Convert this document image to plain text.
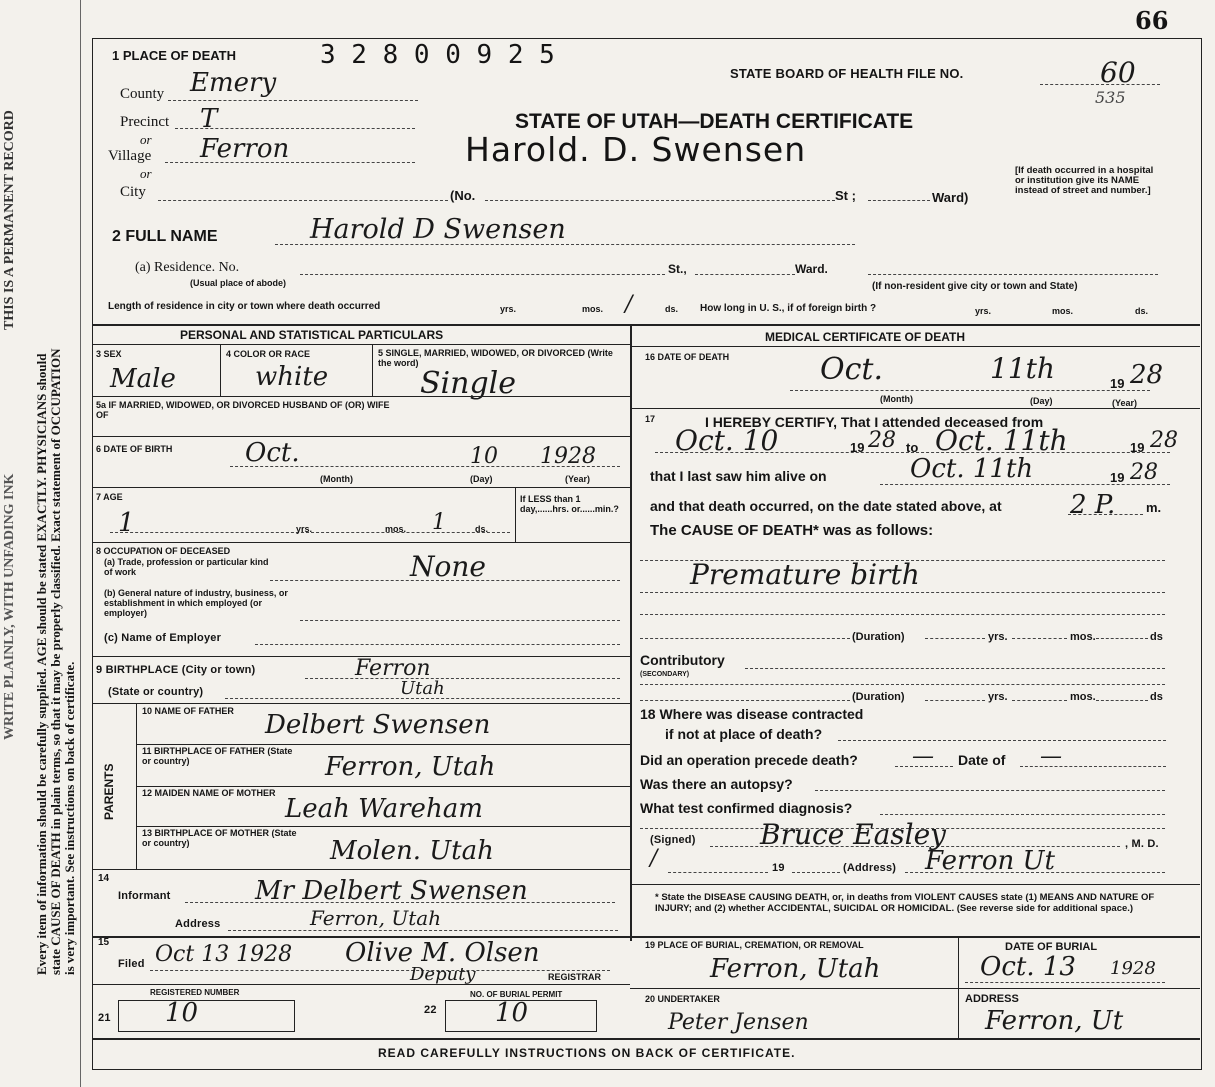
Every item of information should be carefully supplied. AGE should be stated EXACTLY. PHYSICIANS should state CAUSE OF DEATH in plain terms, so that it may be properly classified. Exact statement of OCCUPATION is very important. See instructions on back of certificate.
THIS IS A PERMANENT RECORD
WRITE PLAINLY, WITH UNFADING INK
66
1 PLACE OF DEATH	3 2 8 0 0 9 2 5
STATE BOARD OF HEALTH FILE NO.	60
535
County Emery
Precinct T
or
Village Ferron
or
STATE OF UTAH—DEATH CERTIFICATE
Harold. D. Swensen
[If death occurred in a hospital or institution give its NAME instead of street and number.]
City	(No.	St ;	Ward)
2 FULL NAME	Harold D Swensen
(a) Residence. No.
(Usual place of abode)
St.,	Ward.
(If non-resident give city or town and State)
Length of residence in city or town where death occurred	yrs.	mos. /	ds. How long in U. S., if of foreign birth ?	yrs.	mos.	ds.
PERSONAL AND STATISTICAL PARTICULARS
3 SEX
Male
4 COLOR OR RACE
white
5 SINGLE, MARRIED, WIDOWED, OR DIVORCED (Write the word)
Single
5a IF MARRIED, WIDOWED, OR DIVORCED HUSBAND OF (OR) WIFE OF
6 DATE OF BIRTH	Oct.	10 1928
(Month)	(Day)	(Year)
7 AGE
1	yrs.	mos. 1	ds.
If LESS than 1 day,......hrs. or......min.?
8 OCCUPATION OF DECEASED
(a) Trade, profession or particular kind of work	None
(b) General nature of industry, business, or establishment in which employed (or employer)
(c) Name of Employer
9 BIRTHPLACE (City or town)	Ferron
(State or country)	Utah
PARENTS
10 NAME OF FATHER	Delbert Swensen
11 BIRTHPLACE OF FATHER (State or country)	Ferron, Utah
12 MAIDEN NAME OF MOTHER
Leah Wareham
13 BIRTHPLACE OF MOTHER (State or country)	Molen. Utah
14
Informant	Mr Delbert Swensen
Address	Ferron, Utah
15
Filed Oct 13 1928 Olive M. Olsen
Deputy	REGISTRAR
REGISTERED NUMBER	NO. OF BURIAL PERMIT
21 10	22 10
MEDICAL CERTIFICATE OF DEATH
16 DATE OF DEATH	Oct.	11th	19 28
(Month)	(Day)	(Year)
17	I HEREBY CERTIFY, That I attended deceased from
Oct. 10	19 28 to Oct. 11th	19 28
that I last saw him alive on	Oct. 11th	19 28
and that death occurred, on the date stated above, at	2 P. m.
The CAUSE OF DEATH* was as follows:
Premature birth
(Duration)	yrs.	mos.	ds
Contributory
(SECONDARY)
(Duration)	yrs.	mos.	ds
18 Where was disease contracted
if not at place of death?
Did an operation precede death? — Date of —
Was there an autopsy?
What test confirmed diagnosis?
(Signed) Bruce Easley	, M. D.
/	19	(Address) Ferron Ut
* State the DISEASE CAUSING DEATH, or, in deaths from VIOLENT CAUSES state (1) MEANS AND NATURE OF INJURY; and (2) whether ACCIDENTAL, SUICIDAL OR HOMICIDAL. (See reverse side for additional space.)
19 PLACE OF BURIAL, CREMATION, OR REMOVAL
Ferron, Utah
DATE OF BURIAL
Oct. 13 1928
20 UNDERTAKER
Peter Jensen
ADDRESS
Ferron, Ut
READ CAREFULLY INSTRUCTIONS ON BACK OF CERTIFICATE.
